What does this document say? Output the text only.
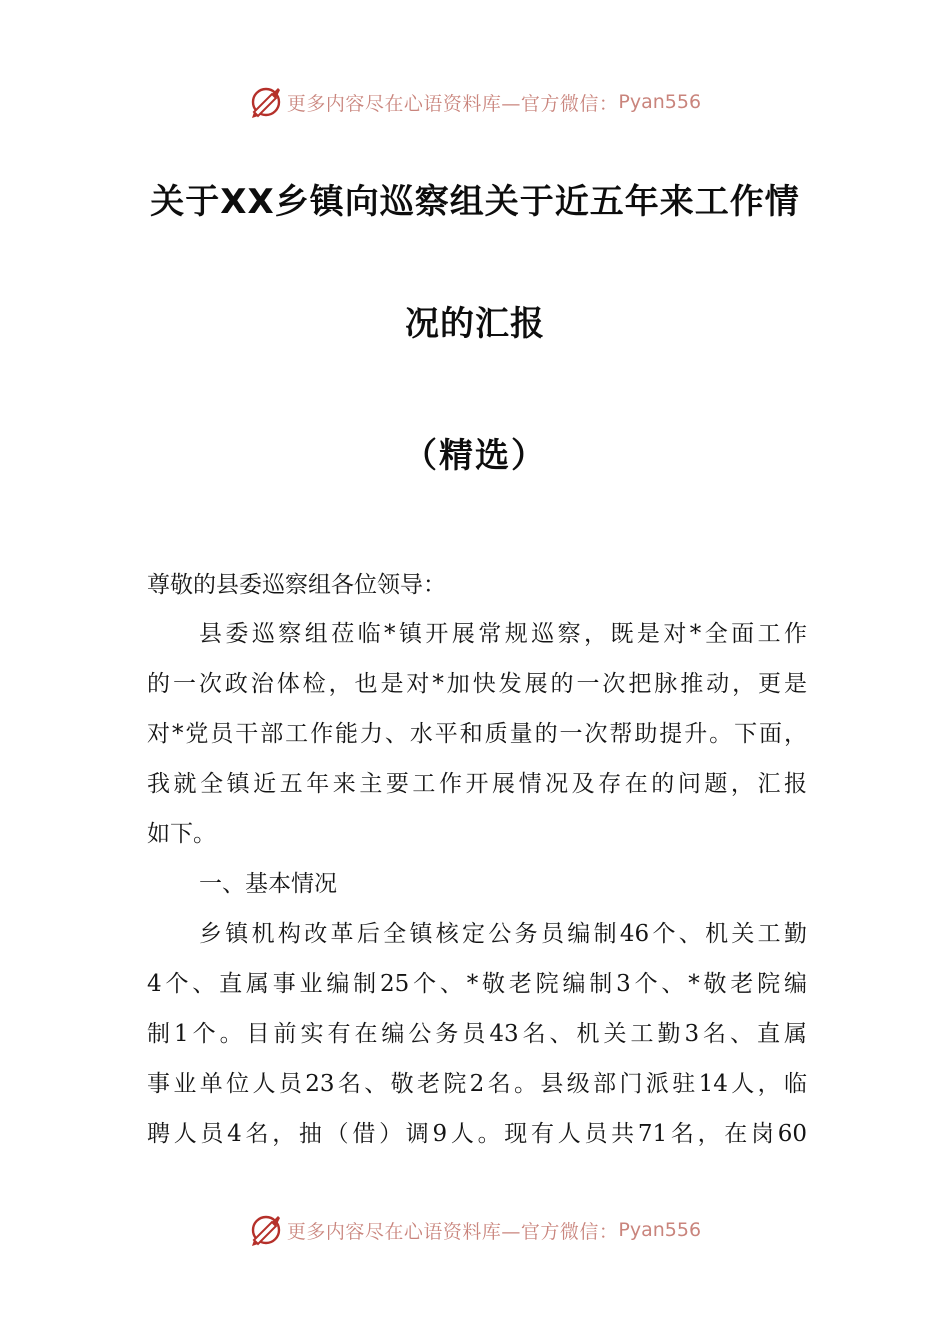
更多内容尽在心语资料库—官方微信： Pyan556
关于XX乡镇向巡察组关于近五年来工作情
况的汇报
（精选）
尊敬的县委巡察组各位领导：
县委巡察组莅临*镇开展常规巡察，既是对*全面工作
的一次政治体检，也是对*加快发展的一次把脉推动，更是
对*党员干部工作能力、水平和质量的一次帮助提升。下面，
我就全镇近五年来主要工作开展情况及存在的问题，汇报
如下。
一、基本情况
乡镇机构改革后全镇核定公务员编制46个、机关工勤
4个、直属事业编制25个、*敬老院编制3个、*敬老院编
制1个。目前实有在编公务员43名、机关工勤3名、直属
事业单位人员23名、敬老院2名。县级部门派驻14人，临
聘人员4名，抽（借）调9人。现有人员共71名，在岗60
更多内容尽在心语资料库—官方微信： Pyan556
